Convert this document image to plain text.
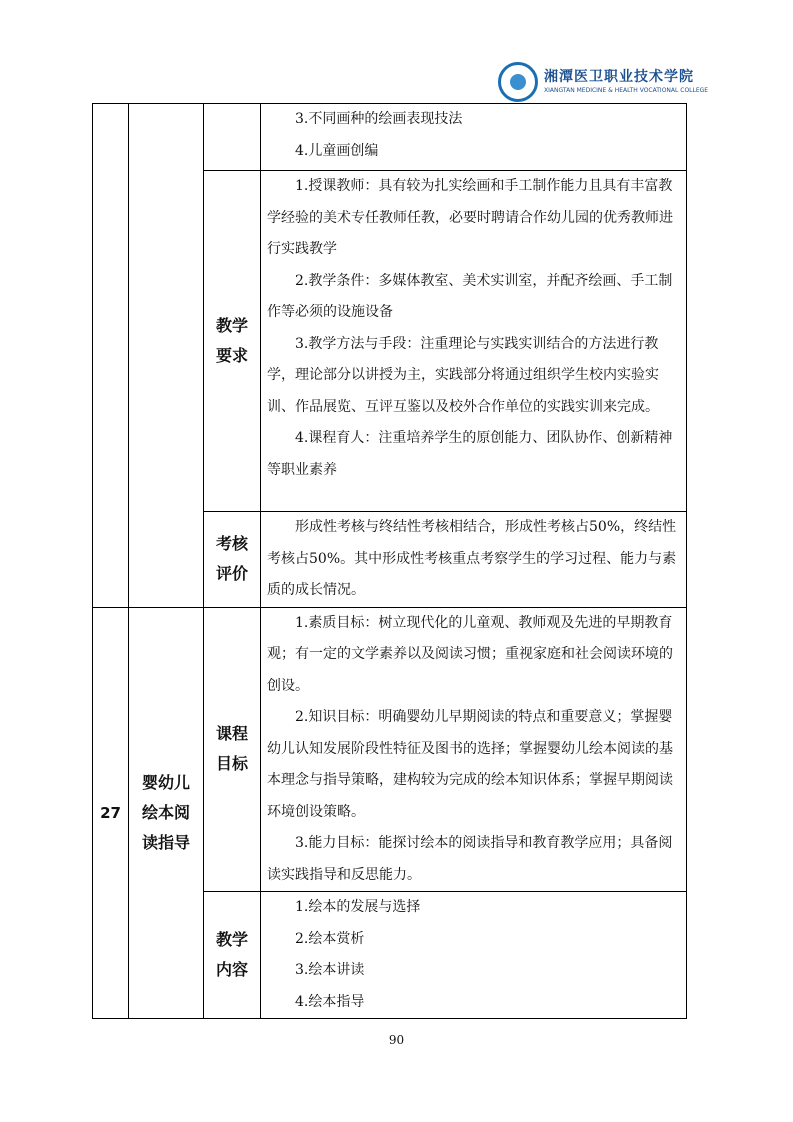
湘潭医卫职业技术学院
XIANGTAN MEDICINE & HEALTH VOCATIONAL COLLEGE

			3.不同画种的绘画表现技法

4.儿童画创编

		教学要求	1.授课教师：具有较为扎实绘画和手工制作能力且具有丰富教学经验的美术专任教师任教，必要时聘请合作幼儿园的优秀教师进行实践教学

2.教学条件：多媒体教室、美术实训室，并配齐绘画、手工制作等必须的设施设备

3.教学方法与手段：注重理论与实践实训结合的方法进行教学，理论部分以讲授为主，实践部分将通过组织学生校内实验实训、作品展览、互评互鉴以及校外合作单位的实践实训来完成。

4.课程育人：注重培养学生的原创能力、团队协作、创新精神等职业素养

		考核评价	形成性考核与终结性考核相结合，形成性考核占50%，终结性考核占50%。其中形成性考核重点考察学生的学习过程、能力与素质的成长情况。

27	婴幼儿绘本阅读指导	课程目标	1.素质目标：树立现代化的儿童观、教师观及先进的早期教育观；有一定的文学素养以及阅读习惯；重视家庭和社会阅读环境的创设。

2.知识目标：明确婴幼儿早期阅读的特点和重要意义；掌握婴幼儿认知发展阶段性特征及图书的选择；掌握婴幼儿绘本阅读的基本理念与指导策略，建构较为完成的绘本知识体系；掌握早期阅读环境创设策略。

3.能力目标：能探讨绘本的阅读指导和教育教学应用；具备阅读实践指导和反思能力。

		教学内容	1.绘本的发展与选择

2.绘本赏析

3.绘本讲读

4.绘本指导

90
